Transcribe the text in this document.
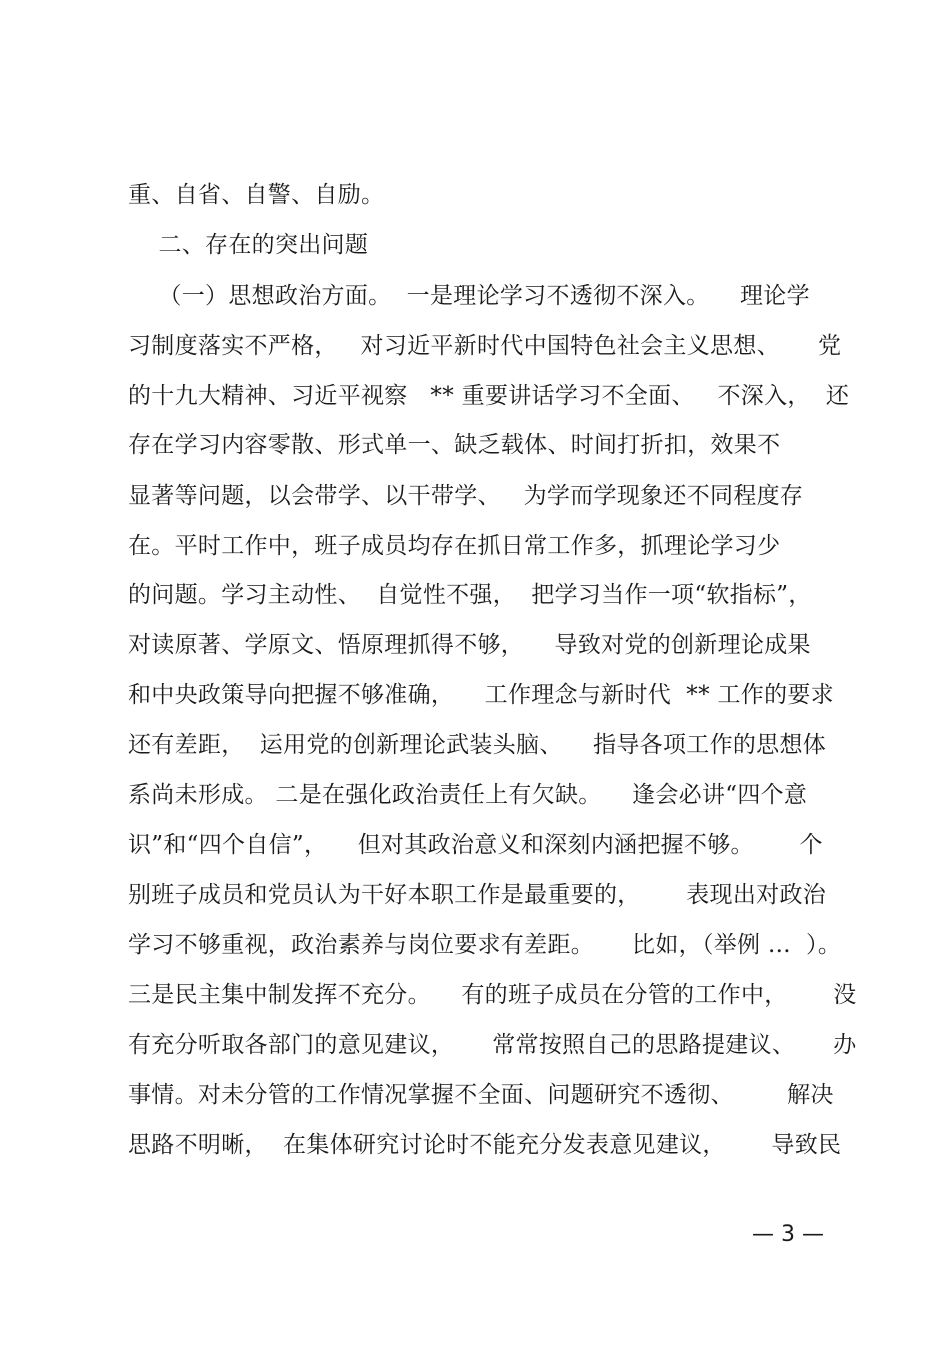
重、自省、自警、自励。
二、存在的突出问题
（一）思想政治方面。  一是理论学习不透彻不深入。    理论学
习制度落实不严格，   对习近平新时代中国特色社会主义思想、     党
的十九大精神、习近平视察   ** 重要讲话学习不全面、   不深入，  还
存在学习内容零散、形式单一、缺乏载体、时间打折扣，效果不
显著等问题，以会带学、以干带学、   为学而学现象还不同程度存
在。平时工作中，班子成员均存在抓日常工作多，抓理论学习少
的问题。学习主动性、  自觉性不强，  把学习当作一项“软指标”，
对读原著、学原文、悟原理抓得不够，    导致对党的创新理论成果
和中央政策导向把握不够准确，    工作理念与新时代  ** 工作的要求
还有差距，  运用党的创新理论武装头脑、    指导各项工作的思想体
系尚未形成。 二是在强化政治责任上有欠缺。    逢会必讲“四个意
识”和“四个自信”，    但对其政治意义和深刻内涵把握不够。      个
别班子成员和党员认为干好本职工作是最重要的，      表现出对政治
学习不够重视，政治素养与岗位要求有差距。     比如，（举例 ...  ）。
三是民主集中制发挥不充分。    有的班子成员在分管的工作中，      没
有充分听取各部门的意见建议，     常常按照自己的思路提建议、     办
事情。对未分管的工作情况掌握不全面、问题研究不透彻、       解决
思路不明晰，  在集体研究讨论时不能充分发表意见建议，      导致民
— 3 —
